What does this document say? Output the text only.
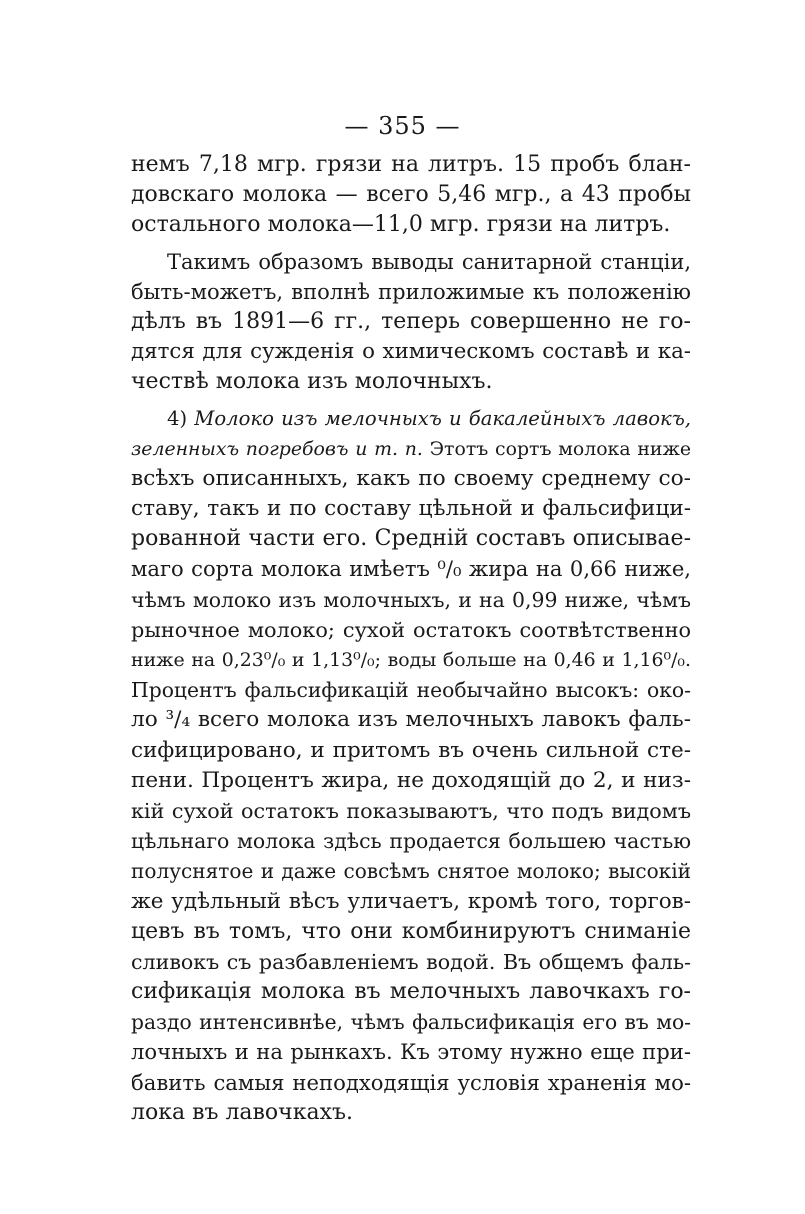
— 355 —
немъ 7,18 мгр. грязи на литръ. 15 пробъ блан-
довскаго молока — всего 5,46 мгр., а 43 пробы
остального молока—11,0 мгр. грязи на литръ.
Такимъ образомъ выводы санитарной станціи,
быть-можетъ, вполнѣ приложимые къ положенію
дѣлъ въ 1891—6 гг., теперь совершенно не го-
дятся для сужденія о химическомъ составѣ и ка-
чествѣ молока изъ молочныхъ.
4) Молоко изъ мелочныхъ и бакалейныхъ лавокъ,
зеленныхъ погребовъ и т. п. Этотъ сортъ молока ниже
всѣхъ описанныхъ, какъ по своему среднему со-
ставу, такъ и по составу цѣльной и фальсифици-
рованной части его. Средній составъ описывае-
маго сорта молока имѣетъ ⁰/₀ жира на 0,66 ниже,
чѣмъ молоко изъ молочныхъ, и на 0,99 ниже, чѣмъ
рыночное молоко; сухой остатокъ соотвѣтственно
ниже на 0,23⁰/₀ и 1,13⁰/₀; воды больше на 0,46 и 1,16⁰/₀.
Процентъ фальсификацій необычайно высокъ: око-
ло ³/₄ всего молока изъ мелочныхъ лавокъ фаль-
сифицировано, и притомъ въ очень сильной сте-
пени. Процентъ жира, не доходящій до 2, и низ-
кій сухой остатокъ показываютъ, что подъ видомъ
цѣльнаго молока здѣсь продается большею частью
полуснятое и даже совсѣмъ снятое молоко; высокій
же удѣльный вѣсъ уличаетъ, кромѣ того, торгов-
цевъ въ томъ, что они комбинируютъ сниманіе
сливокъ съ разбавленіемъ водой. Въ общемъ фаль-
сификація молока въ мелочныхъ лавочкахъ го-
раздо интенсивнѣе, чѣмъ фальсификація его въ мо-
лочныхъ и на рынкахъ. Къ этому нужно еще при-
бавить самыя неподходящія условія храненія мо-
лока въ лавочкахъ.
